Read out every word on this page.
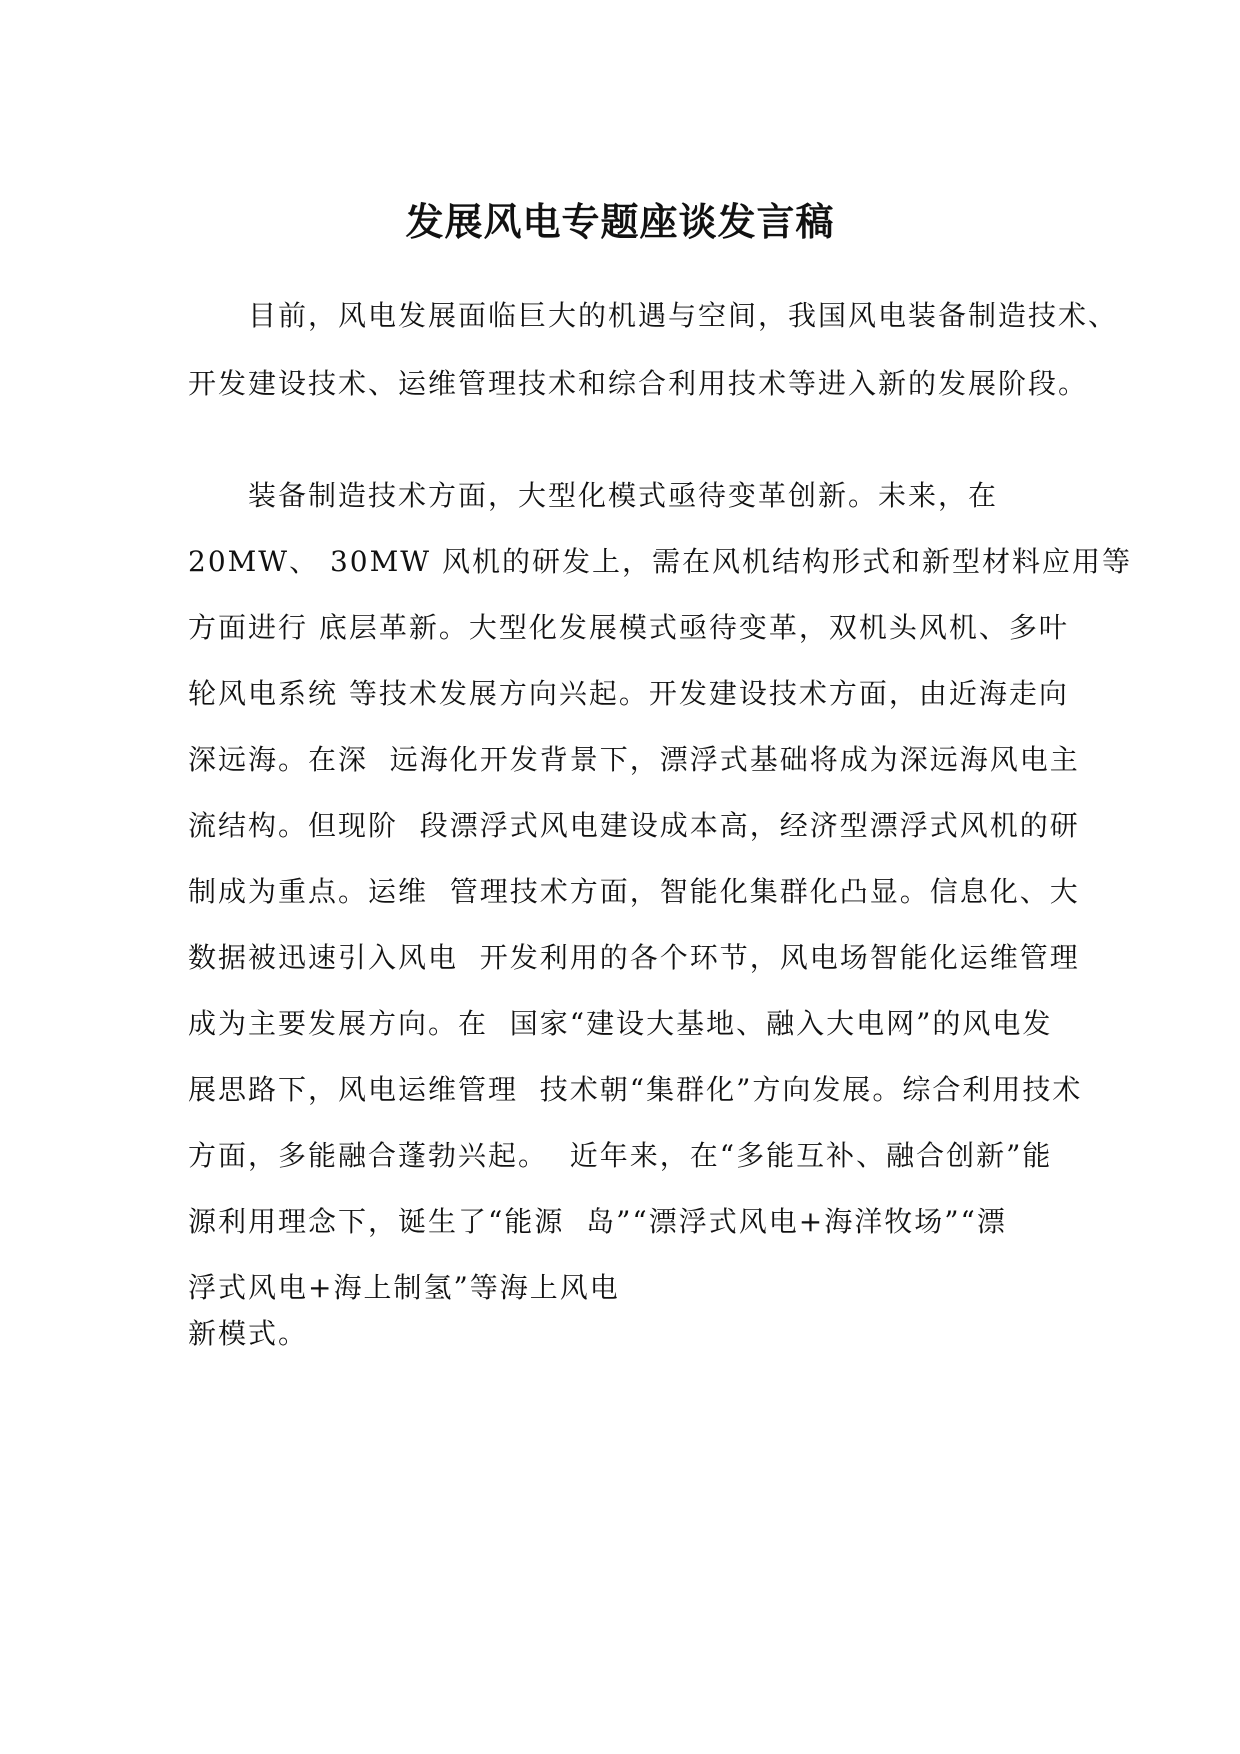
发展风电专题座谈发言稿
　　目前，风电发展面临巨大的机遇与空间，我国风电装备制造技术、
开发建设技术、运维管理技术和综合利用技术等进入新的发展阶段。
　　装备制造技术方面，大型化模式亟待变革创新。未来，在
20MW、 30MW 风机的研发上，需在风机结构形式和新型材料应用等
方面进行 底层革新。大型化发展模式亟待变革，双机头风机、多叶
轮风电系统 等技术发展方向兴起。开发建设技术方面，由近海走向
深远海。在深  远海化开发背景下，漂浮式基础将成为深远海风电主
流结构。但现阶  段漂浮式风电建设成本高，经济型漂浮式风机的研
制成为重点。运维  管理技术方面，智能化集群化凸显。信息化、大
数据被迅速引入风电  开发利用的各个环节，风电场智能化运维管理
成为主要发展方向。在  国家“建设大基地、融入大电网”的风电发
展思路下，风电运维管理  技术朝“集群化”方向发展。综合利用技术
方面，多能融合蓬勃兴起。  近年来，在“多能互补、融合创新”能
源利用理念下，诞生了“能源  岛”“漂浮式风电+海洋牧场”“漂
浮式风电+海上制氢”等海上风电
新模式。
